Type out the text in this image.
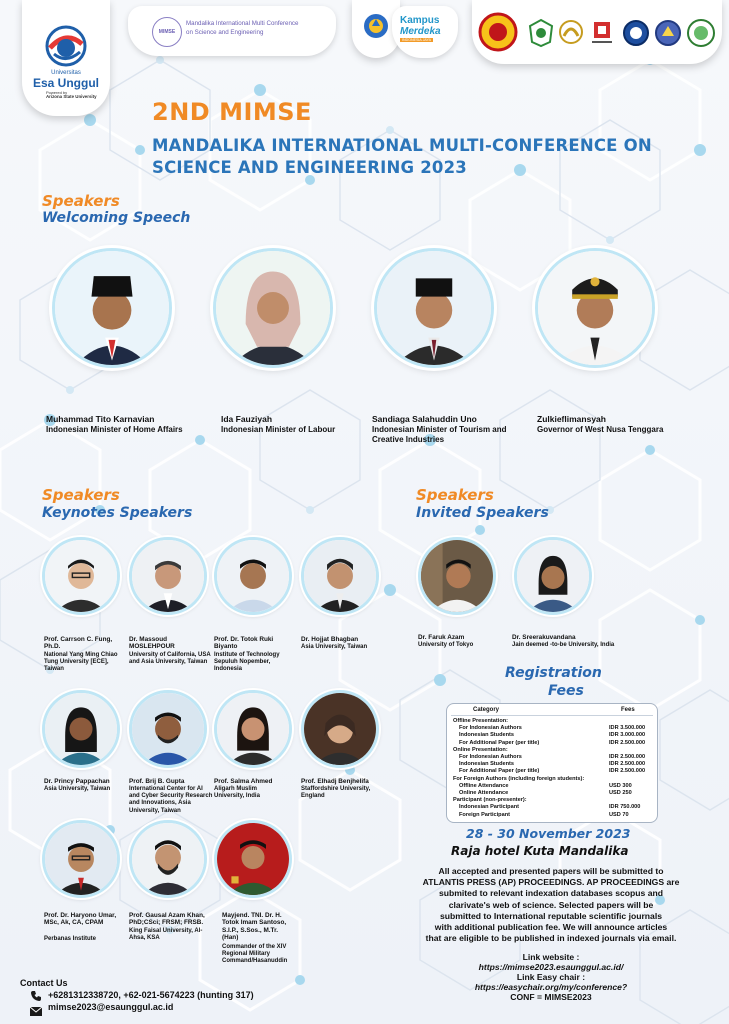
Universitas
Esa Unggul
Powered by
Arizona State University
MIMSE
Mandalika International Multi Conference
on Science and Engineering
Kampus
Merdeka
INDONESIA JAYA
2ND MIMSE
MANDALIKA INTERNATIONAL MULTI-CONFERENCE ON
SCIENCE AND ENGINEERING 2023
Speakers
Welcoming Speech
Muhammad Tito Karnavian
Indonesian Minister of Home Affairs
Ida Fauziyah
Indonesian Minister of Labour
Sandiaga Salahuddin Uno
Indonesian Minister of Tourism and Creative Industries
Zulkieflimansyah
Governor of West Nusa Tenggara
Speakers
Keynotes Speakers
Speakers
Invited Speakers
Prof. Carrson C. Fung, Ph.D.
National Yang Ming Chiao Tung University [ECE], Taiwan
Dr. Massoud MOSLEHPOUR
University of California, USA and Asia University, Taiwan
Prof. Dr. Totok Ruki Biyanto
Institute of Technology Sepuluh Nopember, Indonesia
Dr. Hojjat Bhagban
Asia University, Taiwan
Dr. Faruk Azam
University of Tokyo
Dr. Sreerakuvandana
Jain deemed -to-be University, India
Dr. Princy Pappachan
Asia University, Taiwan
Prof. Brij B. Gupta
International Center for AI and Cyber Security Research and Innovations, Asia University, Taiwan
Prof. Salma Ahmed
Aligarh Muslim University, India
Prof. Elhadj Benjhelifa
Staffordshire University, England
Prof. Dr. Haryono Umar, MSc, Ak, CA, CPAM
Perbanas Institute
Prof. Gausal Azam Khan, PhD;CSci; FRSM; FRSB.
King Faisal University, Al-Ahsa, KSA
Mayjend. TNI. Dr. H. Totok Imam Santoso, S.I.P., S.Sos., M.Tr.(Han)
Commander of the XIV Regional Military Command/Hasanuddin
Registration
Fees
Category	Fees
Offline Presentation:
For Indonesian Authors	IDR 3.500.000
Indonesian Students	IDR 3.000.000
For Additional Paper (per title)	IDR 2.500.000
Online Presentation:
For Indonesian Authors	IDR 2.500.000
Indonesian Students	IDR 2.500.000
For Additional Paper (per title)	IDR 2.500.000
For Foreign Authors (including foreign students):
Offline Attendance	USD 300
Online Attendance	USD 250
Participant (non-presenter):
Indonesian Participant	IDR 750.000
Foreign Participant	USD 70
28 - 30 November 2023
Raja hotel Kuta Mandalika
All accepted and presented papers will be submitted to
ATLANTIS PRESS (AP) PROCEEDINGS. AP PROCEEDINGS are
submited to relevant indexation databases scopus and
clarivate's web of science. Selected papers will be
submitted to International reputable scientific journals
with additional publication fee. We will announce articles
that are eligible to be published in indexed journals via email.
Link website :
https://mimse2023.esaunggul.ac.id/
Link Easy chair :
https://easychair.org/my/conference?
CONF = MIMSE2023
Contact Us
+6281312338720, +62-021-5674223 (hunting 317)
mimse2023@esaunggul.ac.id
